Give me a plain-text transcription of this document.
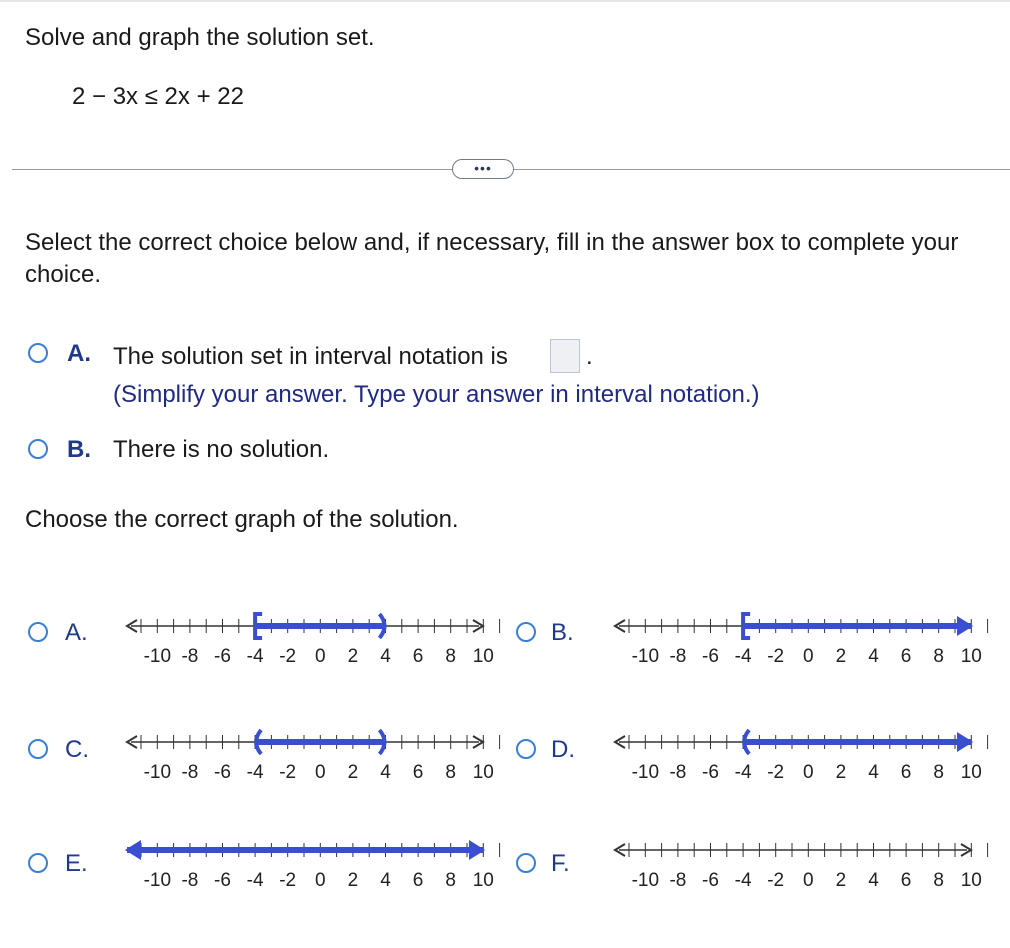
Solve and graph the solution set.
2 − 3x ≤ 2x + 22
•••
Select the correct choice below and, if necessary, fill in the answer box to complete your choice.
A. The solution set in interval notation is	.
(Simplify your answer. Type your answer in interval notation.)
B. There is no solution.
Choose the correct graph of the solution.
A.
-10 -8 -6 -4 -2 0 2 4 6 8 10
B.
-10 -8 -6 -4 -2 0 2 4 6 8 10
C.
-10 -8 -6 -4 -2 0 2 4 6 8 10
D.
-10 -8 -6 -4 -2 0 2 4 6 8 10
E.
-10 -8 -6 -4 -2 0 2 4 6 8 10
F.
-10 -8 -6 -4 -2 0 2 4 6 8 10
